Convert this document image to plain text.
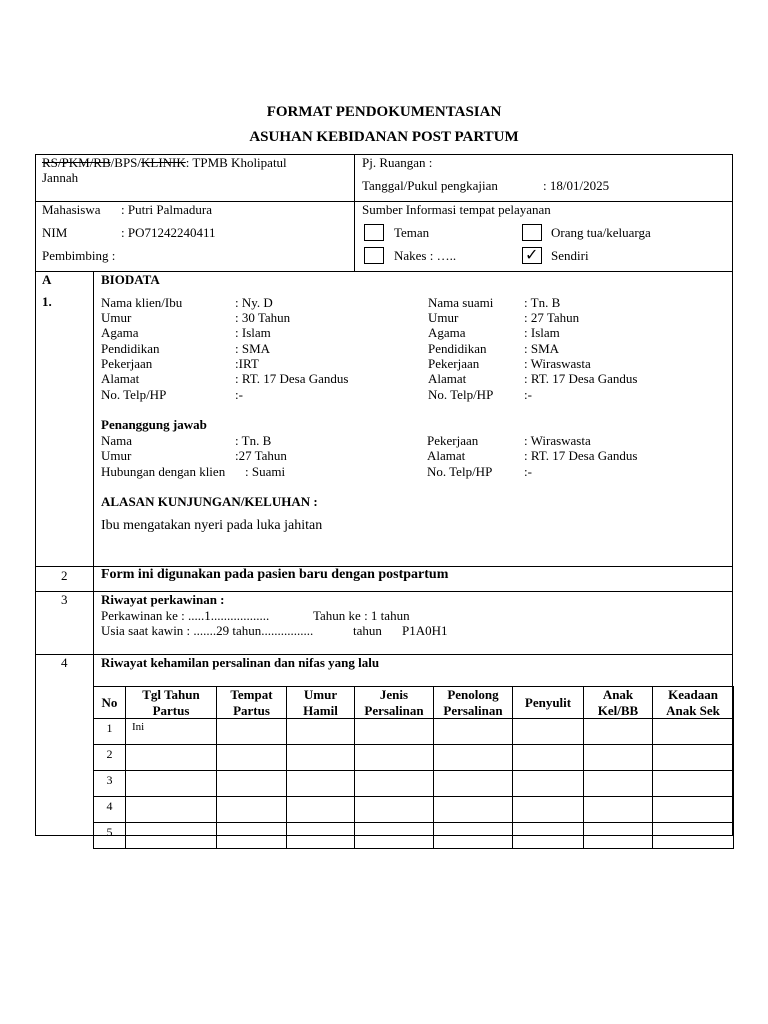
FORMAT PENDOKUMENTASIAN
ASUHAN KEBIDANAN POST PARTUM
RS/PKM/RB/BPS/KLINIK: TPMB Kholipatul
Jannah
Mahasiswa : Putri Palmadura
NIM	: PO71242240411
Pembimbing :
Pj. Ruangan :
Tanggal/Pukul pengkajian	: 18/01/2025
Sumber Informasi tempat pelayanan
Teman	Orang tua/keluarga
Nakes : …..	✓ Sendiri
A
1.
BIODATA
Nama klien/Ibu	: Ny. D
Umur	: 30 Tahun
Agama	: Islam
Pendidikan	: SMA
Pekerjaan	:IRT
Alamat	: RT. 17 Desa Gandus
No. Telp/HP	:-
Nama suami : Tn. B
Umur	: 27 Tahun
Agama	: Islam
Pendidikan	: SMA
Pekerjaan	: Wiraswasta
Alamat	: RT. 17 Desa Gandus
No. Telp/HP :-
Penanggung jawab
Nama	: Tn. B
Umur	:27 Tahun
Hubungan dengan klien : Suami
Pekerjaan	: Wiraswasta
Alamat	: RT. 17 Desa Gandus
No. Telp/HP :-
ALASAN KUNJUNGAN/KELUHAN :
Ibu mengatakan nyeri pada luka jahitan
2 Form ini digunakan pada pasien baru dengan postpartum
3	Riwayat perkawinan :
Perkawinan ke : .....1..................	Tahun ke : 1 tahun
Usia saat kawin : .......29 tahun................	tahun P1A0H1
4	Riwayat kehamilan persalinan dan nifas yang lalu
No	Tgl Tahun Partus	Tempat Partus	Umur Hamil	Jenis Persalinan	Penolong Persalinan	Penyulit	Anak Kel/BB	Keadaan Anak Sek
1	Ini							
2								
3								
4								
5								
